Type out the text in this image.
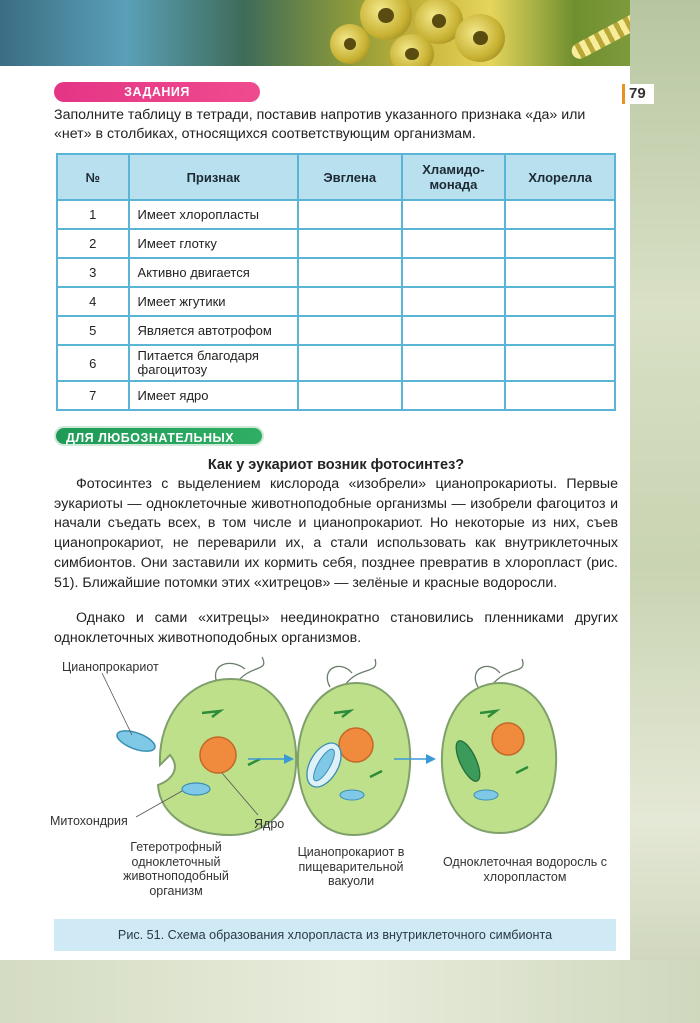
79
ЗАДАНИЯ
Заполните таблицу в тетради, поставив напротив указанного признака «да» или «нет» в столбиках, относящихся соответствующим организмам.
№	Признак	Эвглена	Хламидо-монада	Хлорелла
1	Имеет хлоропласты			
2	Имеет глотку			
3	Активно двигается			
4	Имеет жгутики			
5	Является автотрофом			
6	Питается благодаря фагоцитозу			
7	Имеет ядро			
ДЛЯ ЛЮБОЗНАТЕЛЬНЫХ
Как у эукариот возник фотосинтез?
Фотосинтез с выделением кислорода «изобрели» цианопрокариоты. Первые эукариоты — одноклеточные животноподобные организмы — изобрели фагоцитоз и начали съедать всех, в том числе и цианопрокариот. Но некоторые из них, съев цианопрокариот, не переварили их, а стали использовать как внутриклеточных симбионтов. Они заставили их кормить себя, позднее превратив в хлоропласт (рис. 51). Ближайшие потомки этих «хитрецов» — зелёные и красные водоросли.
Однако и сами «хитрецы» неединократно становились пленниками других одноклеточных животноподобных организмов.
Цианопрокариот
Митохондрия	Ядро
Гетеротрофный одноклеточный животноподобный организм
Цианопрокариот в пищеварительной вакуоли
Одноклеточная водоросль с хлоропластом
Рис. 51. Схема образования хлоропласта из внутриклеточного симбионта
